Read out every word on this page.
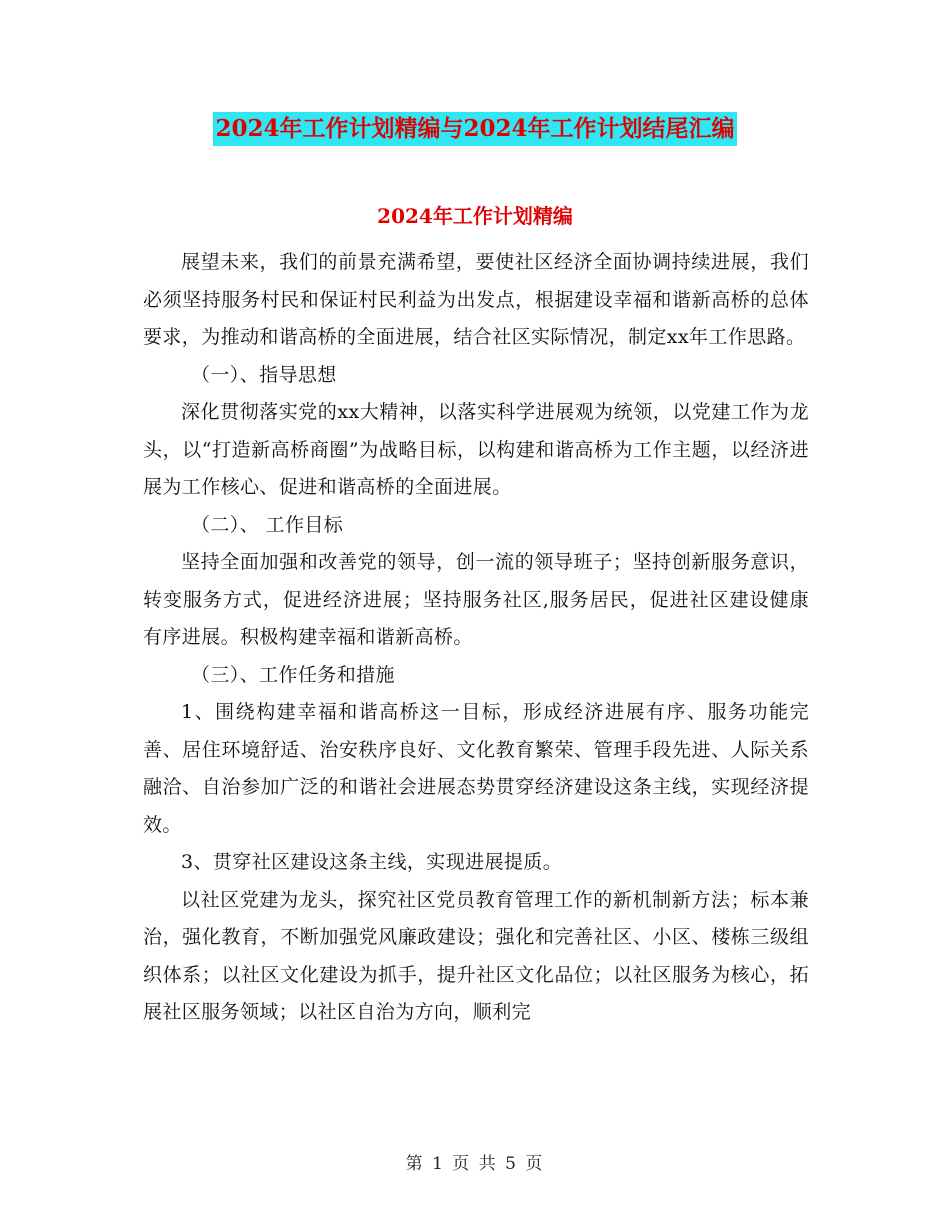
2024年工作计划精编与2024年工作计划结尾汇编
2024年工作计划精编

展望未来，我们的前景充满希望，要使社区经济全面协调持续进展，我们必须坚持服务村民和保证村民利益为出发点，根据建设幸福和谐新高桥的总体要求，为推动和谐高桥的全面进展，结合社区实际情况，制定xx年工作思路。

（一）、指导思想

深化贯彻落实党的xx大精神，以落实科学进展观为统领，以党建工作为龙头，以“打造新高桥商圈”为战略目标，以构建和谐高桥为工作主题，以经济进展为工作核心、促进和谐高桥的全面进展。

（二）、 工作目标

坚持全面加强和改善党的领导，创一流的领导班子；坚持创新服务意识，转变服务方式，促进经济进展；坚持服务社区,服务居民，促进社区建设健康有序进展。积极构建幸福和谐新高桥。

（三）、工作任务和措施

1、围绕构建幸福和谐高桥这一目标，形成经济进展有序、服务功能完善、居住环境舒适、治安秩序良好、文化教育繁荣、管理手段先进、人际关系融洽、自治参加广泛的和谐社会进展态势贯穿经济建设这条主线，实现经济提效。

3、贯穿社区建设这条主线，实现进展提质。

以社区党建为龙头，探究社区党员教育管理工作的新机制新方法；标本兼治，强化教育，不断加强党风廉政建设；强化和完善社区、小区、楼栋三级组织体系；以社区文化建设为抓手，提升社区文化品位；以社区服务为核心，拓展社区服务领域；以社区自治为方向，顺利完

第 1 页 共 5 页
